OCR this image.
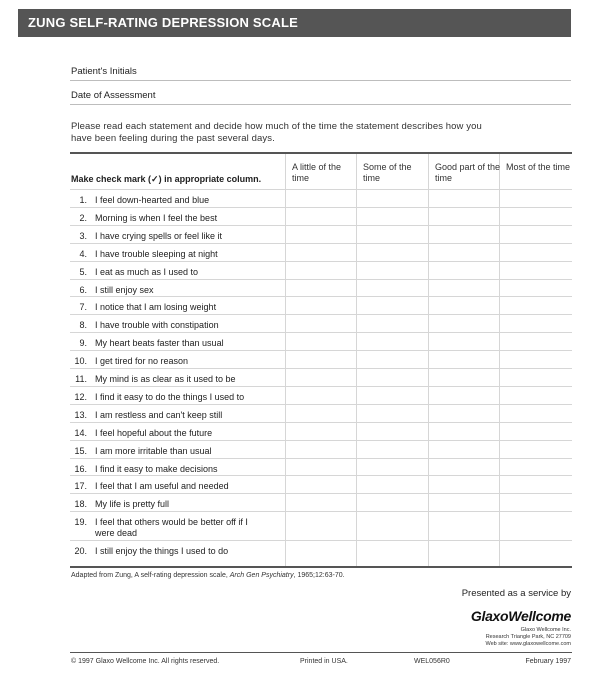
ZUNG SELF-RATING DEPRESSION SCALE
Patient's Initials
Date of Assessment
Please read each statement and decide how much of the time the statement describes how you have been feeling during the past several days.
Make check mark (✓) in appropriate column.
A little of the time
Some of the time
Good part of the time
Most of the time
1. I feel down-hearted and blue
2. Morning is when I feel the best
3. I have crying spells or feel like it
4. I have trouble sleeping at night
5. I eat as much as I used to
6. I still enjoy sex
7. I notice that I am losing weight
8. I have trouble with constipation
9. My heart beats faster than usual
10. I get tired for no reason
11. My mind is as clear as it used to be
12. I find it easy to do the things I used to
13. I am restless and can't keep still
14. I feel hopeful about the future
15. I am more irritable than usual
16. I find it easy to make decisions
17. I feel that I am useful and needed
18. My life is pretty full
19. I feel that others would be better off if I were dead
20. I still enjoy the things I used to do
Adapted from Zung, A self-rating depression scale, Arch Gen Psychiatry, 1965;12:63-70.
Presented as a service by
GlaxoWellcome
Glaxo Wellcome Inc.
Research Triangle Park, NC 27709
Web site: www.glaxowellcome.com
© 1997 Glaxo Wellcome Inc. All rights reserved.	Printed in USA.	WEL056R0	February 1997
